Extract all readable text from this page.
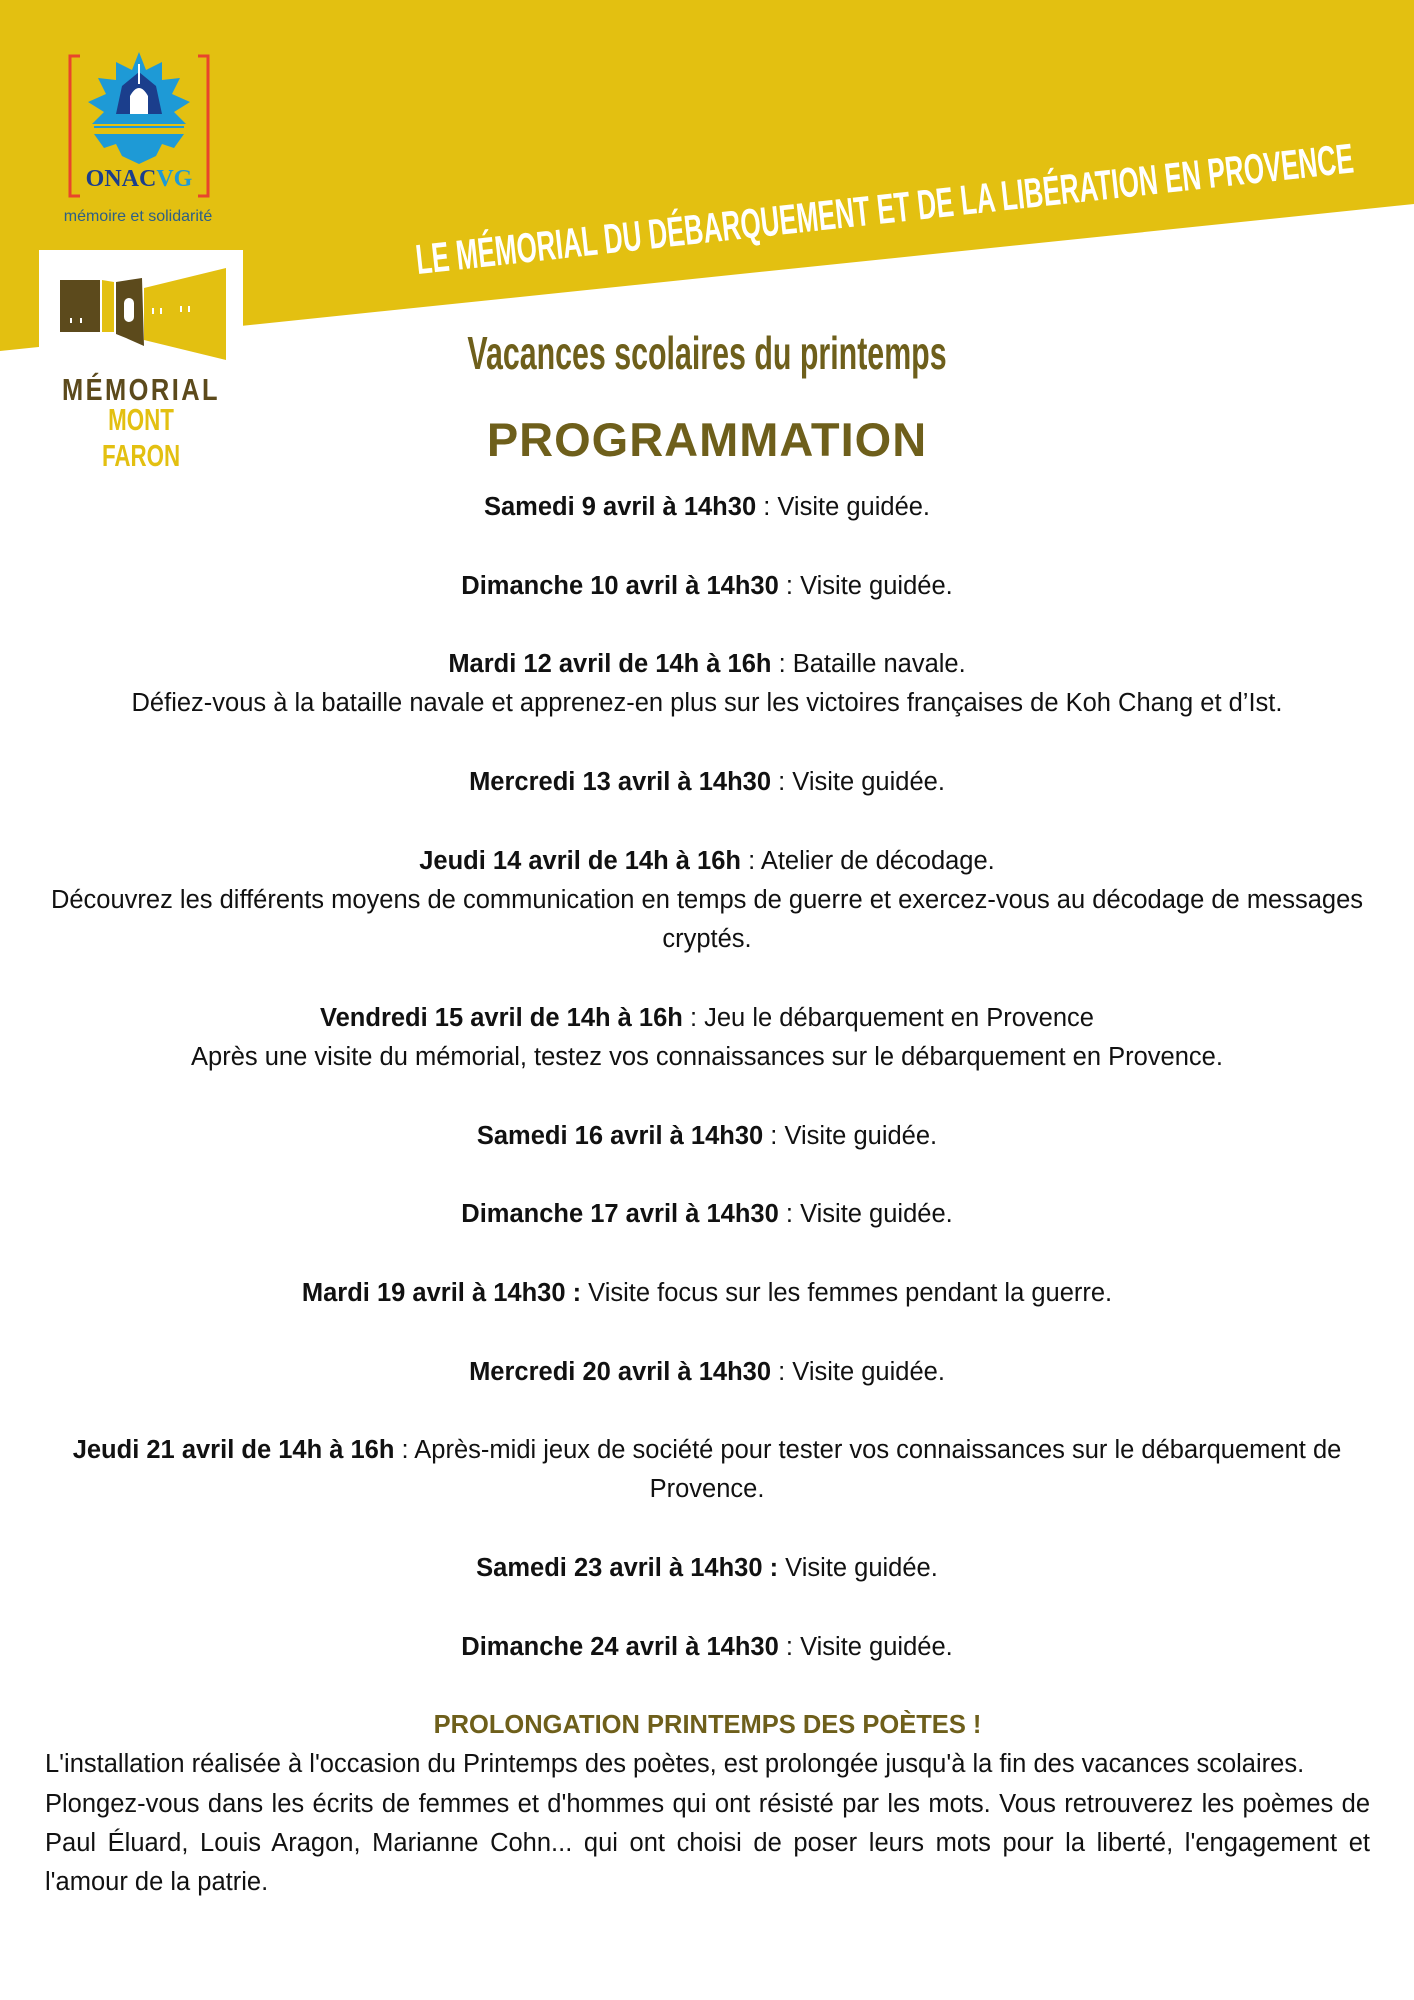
ONACVG
mémoire et solidarité
MÉMORIAL
MONT FARON
LE MÉMORIAL DU DÉBARQUEMENT ET DE LA LIBÉRATION EN PROVENCE
Vacances scolaires du printemps
PROGRAMMATION
Samedi 9 avril à 14h30 : Visite guidée.
Dimanche 10 avril à 14h30 : Visite guidée.
Mardi 12 avril de 14h à 16h : Bataille navale.
Défiez-vous à la bataille navale et apprenez-en plus sur les victoires françaises de Koh Chang et d’Ist.
Mercredi 13 avril à 14h30 : Visite guidée.
Jeudi 14 avril de 14h à 16h : Atelier de décodage.
Découvrez les différents moyens de communication en temps de guerre et exercez-vous au décodage de messages cryptés.
Vendredi 15 avril de 14h à 16h : Jeu le débarquement en Provence
Après une visite du mémorial, testez vos connaissances sur le débarquement en Provence.
Samedi 16 avril à 14h30 : Visite guidée.
Dimanche 17 avril à 14h30 : Visite guidée.
Mardi 19 avril à 14h30 : Visite focus sur les femmes pendant la guerre.
Mercredi 20 avril à 14h30 : Visite guidée.
Jeudi 21 avril de 14h à 16h : Après-midi jeux de société pour tester vos connaissances sur le débarquement de Provence.
Samedi 23 avril à 14h30 : Visite guidée.
Dimanche 24 avril à 14h30 : Visite guidée.
PROLONGATION PRINTEMPS DES POÈTES !

L'installation réalisée à l'occasion du Printemps des poètes, est prolongée jusqu'à la fin des vacances scolaires.

Plongez-vous dans les écrits de femmes et d'hommes qui ont résisté par les mots. Vous retrouverez les poèmes de Paul Éluard, Louis Aragon, Marianne Cohn... qui ont choisi de poser leurs mots pour la liberté, l'engagement et l'amour de la patrie.
